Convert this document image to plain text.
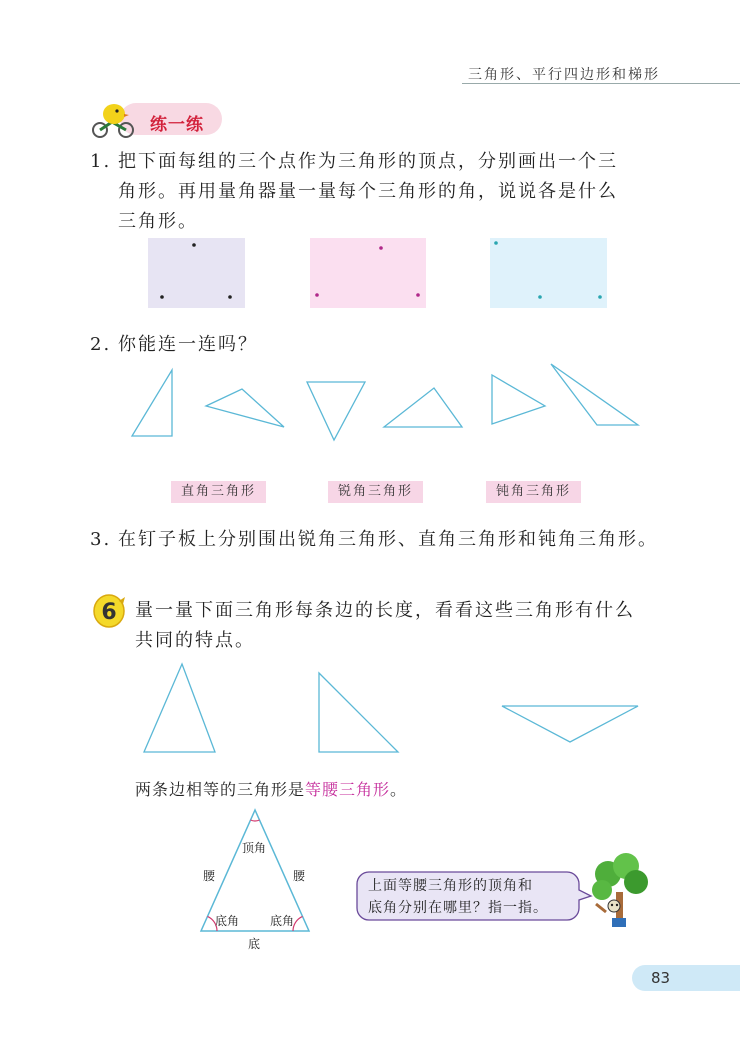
三角形、平行四边形和梯形
练一练
1. 把下面每组的三个点作为三角形的顶点，分别画出一个三
角形。再用量角器量一量每个三角形的角，说说各是什么
三角形。
2. 你能连一连吗？
直角三角形	锐角三角形	钝角三角形
3. 在钉子板上分别围出锐角三角形、直角三角形和钝角三角形。
6 量一量下面三角形每条边的长度，看看这些三角形有什么
共同的特点。
两条边相等的三角形是等腰三角形。
顶角
腰	腰
底角	底角
底
上面等腰三角形的顶角和
底角分别在哪里？指一指。
83
